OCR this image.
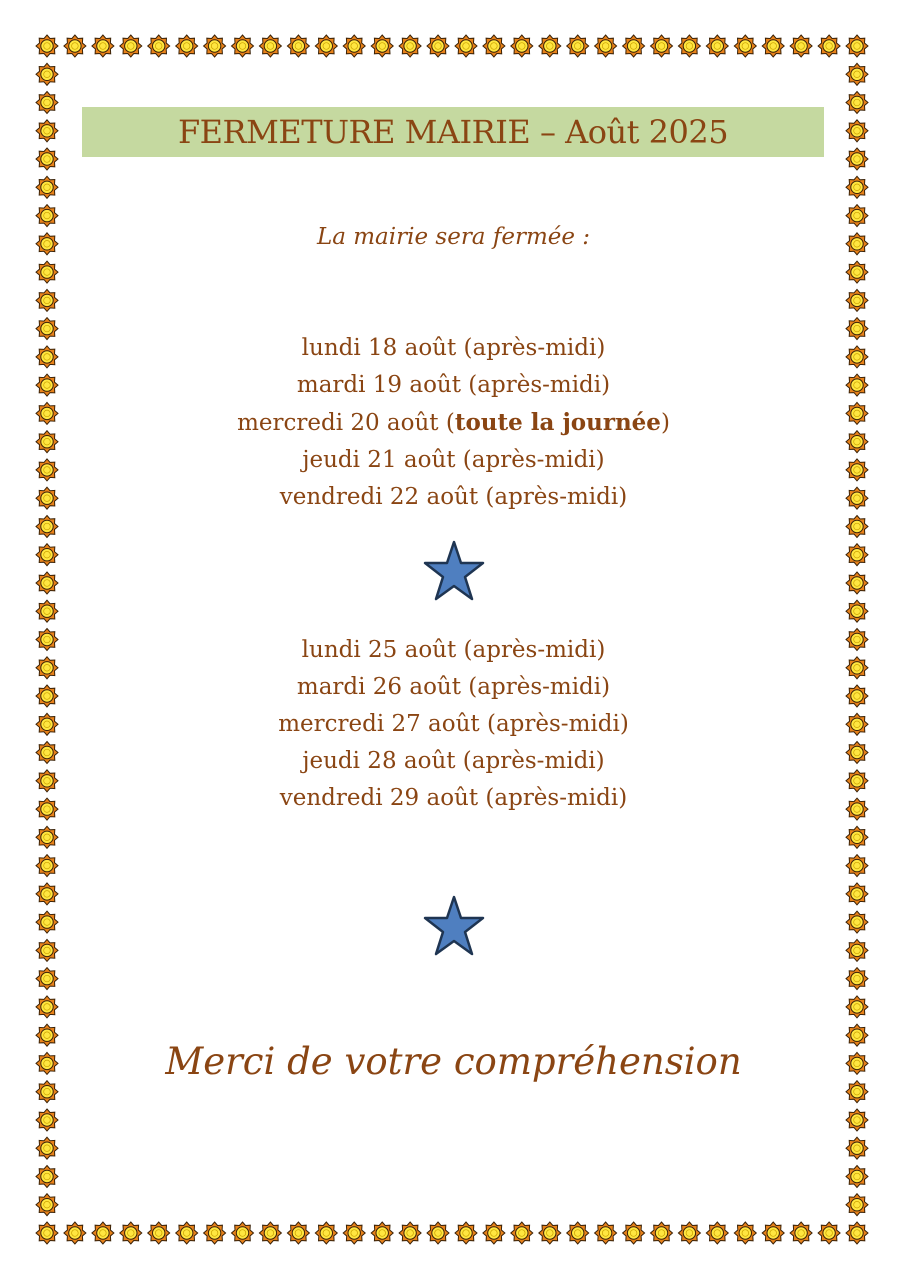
FERMETURE MAIRIE – Août 2025
La mairie sera fermée :
lundi 18 août (après-midi)
mardi 19 août (après-midi)
mercredi 20 août (toute la journée)
jeudi 21 août (après-midi)
vendredi 22 août (après-midi)
lundi 25 août (après-midi)
mardi 26 août (après-midi)
mercredi 27 août (après-midi)
jeudi 28 août (après-midi)
vendredi 29 août (après-midi)
Merci de votre compréhension
